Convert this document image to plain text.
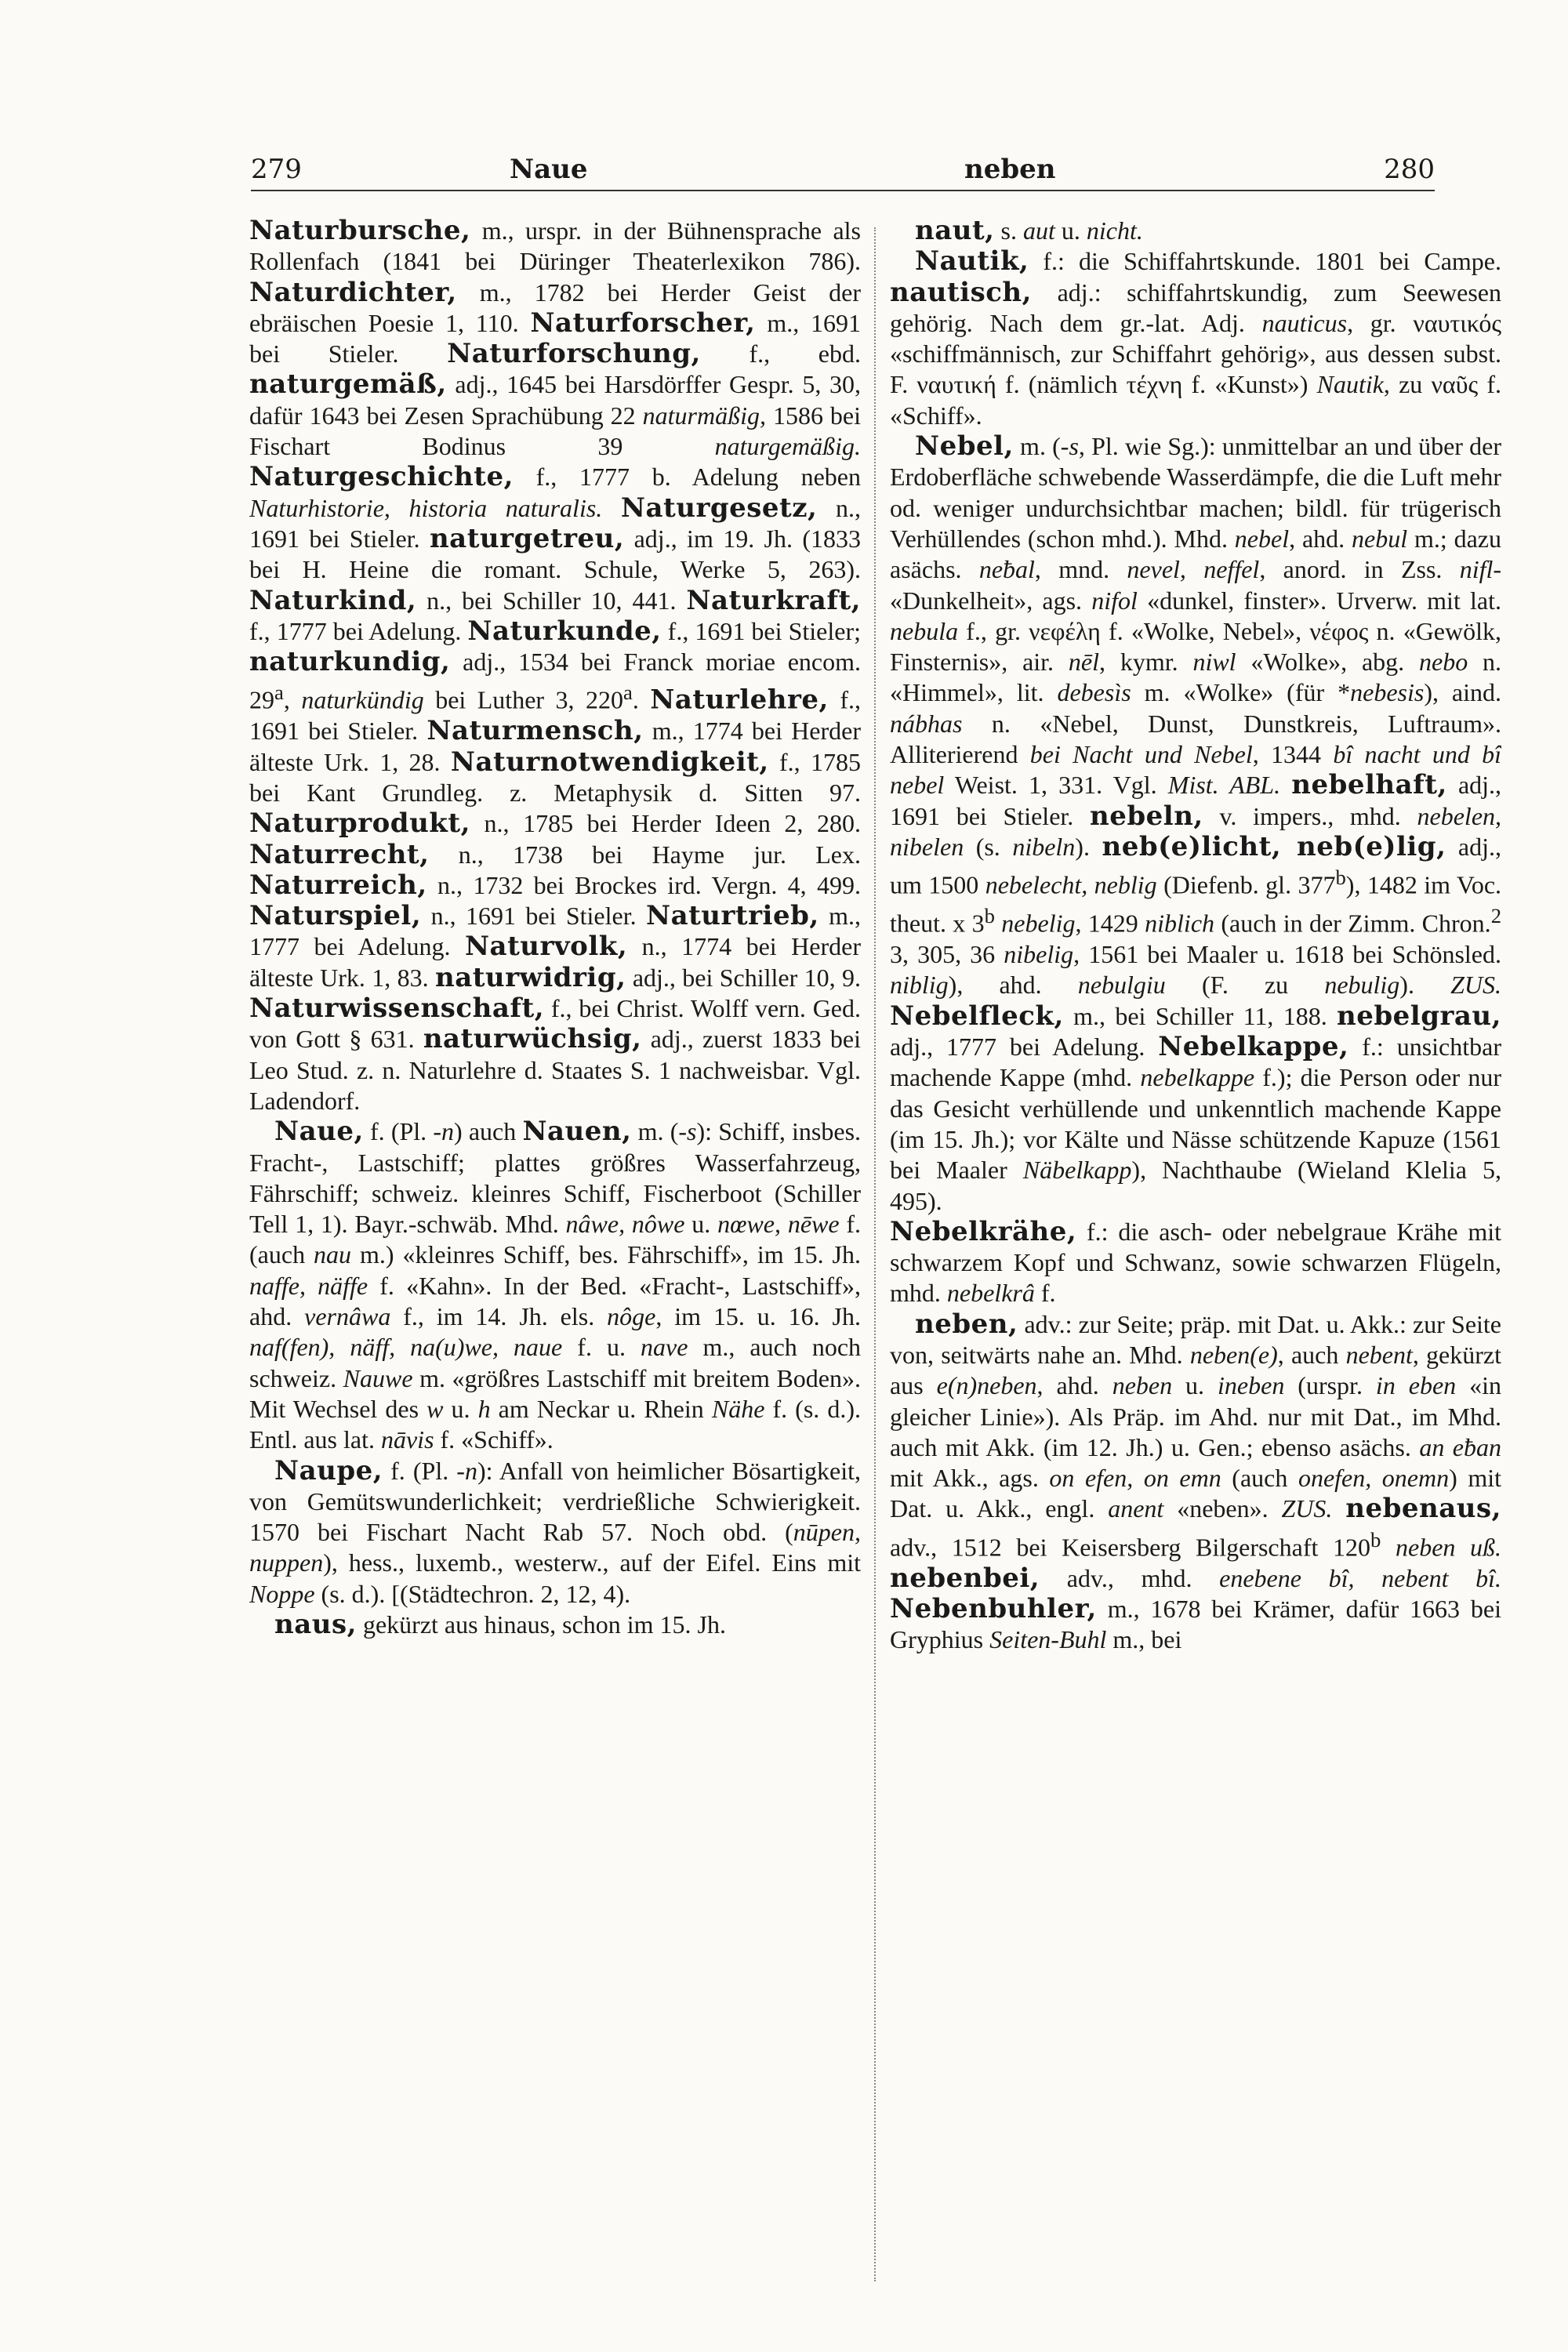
279	Naue	neben	280

Naturbursche, m., urspr. in der Bühnensprache als Rollenfach (1841 bei Düringer Theaterlexikon 786). Naturdichter, m., 1782 bei Herder Geist der ebräischen Poesie 1, 110. Naturforscher, m., 1691 bei Stieler. Naturforschung, f., ebd. naturgemäß, adj., 1645 bei Harsdörffer Gespr. 5, 30, dafür 1643 bei Zesen Sprachübung 22 naturmäßig, 1586 bei Fischart Bodinus 39 naturgemäßig. Naturgeschichte, f., 1777 b. Adelung neben Naturhistorie, historia naturalis. Naturgesetz, n., 1691 bei Stieler. naturgetreu, adj., im 19. Jh. (1833 bei H. Heine die romant. Schule, Werke 5, 263). Naturkind, n., bei Schiller 10, 441. Naturkraft, f., 1777 bei Adelung. Naturkunde, f., 1691 bei Stieler; naturkundig, adj., 1534 bei Franck moriae encom. 29$^a$, naturkündig bei Luther 3, 220$^a$. Naturlehre, f., 1691 bei Stieler. Naturmensch, m., 1774 bei Herder älteste Urk. 1, 28. Naturnotwendigkeit, f., 1785 bei Kant Grundleg. z. Metaphysik d. Sitten 97. Naturprodukt, n., 1785 bei Herder Ideen 2, 280. Naturrecht, n., 1738 bei Hayme jur. Lex. Naturreich, n., 1732 bei Brockes ird. Vergn. 4, 499. Naturspiel, n., 1691 bei Stieler. Naturtrieb, m., 1777 bei Adelung. Naturvolk, n., 1774 bei Herder älteste Urk. 1, 83. naturwidrig, adj., bei Schiller 10, 9. Naturwissenschaft, f., bei Christ. Wolff vern. Ged. von Gott § 631. naturwüchsig, adj., zuerst 1833 bei Leo Stud. z. n. Naturlehre d. Staates S. 1 nachweisbar. Vgl. Ladendorf.

Naue, f. (Pl. -n) auch Nauen, m. (-s): Schiff, insbes. Fracht-, Lastschiff; plattes größres Wasserfahrzeug, Fährschiff; schweiz. kleinres Schiff, Fischerboot (Schiller Tell 1, 1). Bayr.-schwäb. Mhd. nâwe, nôwe u. nœwe, nēwe f. (auch nau m.) «kleinres Schiff, bes. Fährschiff», im 15. Jh. naffe, näffe f. «Kahn». In der Bed. «Fracht-, Lastschiff», ahd. vernâwa f., im 14. Jh. els. nôge, im 15. u. 16. Jh. naf(fen), näff, na(u)we, naue f. u. nave m., auch noch schweiz. Nauwe m. «größres Lastschiff mit breitem Boden». Mit Wechsel des w u. h am Neckar u. Rhein Nähe f. (s. d.). Entl. aus lat. nāvis f. «Schiff».

Naupe, f. (Pl. -n): Anfall von heimlicher Bösartigkeit, von Gemütswunderlichkeit; verdrießliche Schwierigkeit. 1570 bei Fischart Nacht Rab 57. Noch obd. (nūpen, nuppen), hess., luxemb., westerw., auf der Eifel. Eins mit Noppe (s. d.). [(Städtechron. 2, 12, 4).

naus, gekürzt aus hinaus, schon im 15. Jh.

naut, s. aut u. nicht.

Nautik, f.: die Schiffahrtskunde. 1801 bei Campe. nautisch, adj.: schiffahrtskundig, zum Seewesen gehörig. Nach dem gr.-lat. Adj. nauticus, gr. ναυτικός «schiffmännisch, zur Schiffahrt gehörig», aus dessen subst. F. ναυτική f. (nämlich τέχνη f. «Kunst») Nautik, zu ναῦς f. «Schiff».

Nebel, m. (-s, Pl. wie Sg.): unmittelbar an und über der Erdoberfläche schwebende Wasserdämpfe, die die Luft mehr od. weniger undurchsichtbar machen; bildl. für trügerisch Verhüllendes (schon mhd.). Mhd. nebel, ahd. nebul m.; dazu asächs. neƀal, mnd. nevel, neffel, anord. in Zss. nifl- «Dunkelheit», ags. nifol «dunkel, finster». Urverw. mit lat. nebula f., gr. νεφέλη f. «Wolke, Nebel», νέφος n. «Gewölk, Finsternis», air. nēl, kymr. niwl «Wolke», abg. nebo n. «Himmel», lit. debesìs m. «Wolke» (für *nebesis), aind. nábhas n. «Nebel, Dunst, Dunstkreis, Luftraum». Alliterierend bei Nacht und Nebel, 1344 bî nacht und bî nebel Weist. 1, 331. Vgl. Mist. ABL. nebelhaft, adj., 1691 bei Stieler. nebeln, v. impers., mhd. nebelen, nibelen (s. nibeln). neb(e)licht, neb(e)lig, adj., um 1500 nebelecht, neblig (Diefenb. gl. 377$^b$), 1482 im Voc. theut. x 3$^b$ nebelig, 1429 niblich (auch in der Zimm. Chron.$^2$ 3, 305, 36 nibelig, 1561 bei Maaler u. 1618 bei Schönsled. niblig), ahd. nebulgiu (F. zu nebulig). ZUS. Nebelfleck, m., bei Schiller 11, 188. nebelgrau, adj., 1777 bei Adelung. Nebelkappe, f.: unsichtbar machende Kappe (mhd. nebelkappe f.); die Person oder nur das Gesicht verhüllende und unkenntlich machende Kappe (im 15. Jh.); vor Kälte und Nässe schützende Kapuze (1561 bei Maaler Näbelkapp), Nachthaube (Wieland Klelia 5, 495).

Nebelkrähe, f.: die asch- oder nebelgraue Krähe mit schwarzem Kopf und Schwanz, sowie schwarzen Flügeln, mhd. nebelkrâ f.

neben, adv.: zur Seite; präp. mit Dat. u. Akk.: zur Seite von, seitwärts nahe an. Mhd. neben(e), auch nebent, gekürzt aus e(n)neben, ahd. neben u. ineben (urspr. in eben «in gleicher Linie»). Als Präp. im Ahd. nur mit Dat., im Mhd. auch mit Akk. (im 12. Jh.) u. Gen.; ebenso asächs. an eƀan mit Akk., ags. on efen, on emn (auch onefen, onemn) mit Dat. u. Akk., engl. anent «neben». ZUS. nebenaus, adv., 1512 bei Keisersberg Bilgerschaft 120$^b$ neben uß. nebenbei, adv., mhd. enebene bî, nebent bî. Nebenbuhler, m., 1678 bei Krämer, dafür 1663 bei Gryphius Seiten-Buhl m., bei
